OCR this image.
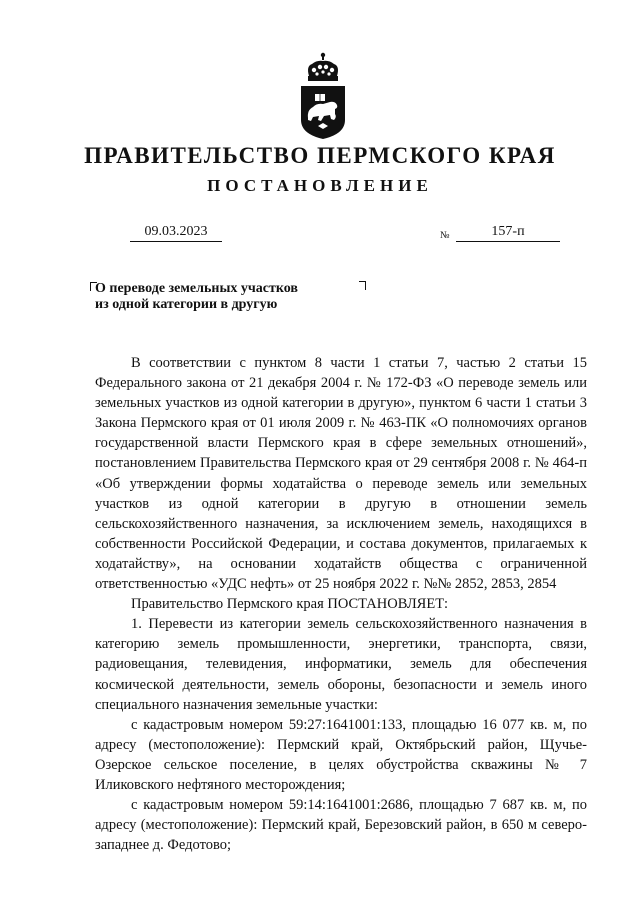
ПРАВИТЕЛЬСТВО ПЕРМСКОГО КРАЯ
ПОСТАНОВЛЕНИЕ
09.03.2023	№	157-п
О переводе земельных участков
из одной категории в другую

В соответствии с пунктом 8 части 1 статьи 7, частью 2 статьи 15 Федерального закона от 21 декабря 2004 г. № 172-ФЗ «О переводе земель или земельных участков из одной категории в другую», пунктом 6 части 1 статьи 3 Закона Пермского края от 01 июля 2009 г. № 463-ПК «О полномочиях органов государственной власти Пермского края в сфере земельных отношений», постановлением Правительства Пермского края от 29 сентября 2008 г. № 464-п «Об утверждении формы ходатайства о переводе земель или земельных участков из одной категории в другую в отношении земель сельскохозяйственного назначения, за исключением земель, находящихся в собственности Российской Федерации, и состава документов, прилагаемых к ходатайству», на основании ходатайств общества с ограниченной ответственностью «УДС нефть» от 25 ноября 2022 г. №№ 2852, 2853, 2854

Правительство Пермского края ПОСТАНОВЛЯЕТ:

1. Перевести из категории земель сельскохозяйственного назначения в категорию земель промышленности, энергетики, транспорта, связи, радиовещания, телевидения, информатики, земель для обеспечения космической деятельности, земель обороны, безопасности и земель иного специального назначения земельные участки:

с кадастровым номером 59:27:1641001:133, площадью 16 077 кв. м, по адресу (местоположение): Пермский край, Октябрьский район, Щучье-Озерское сельское поселение, в целях обустройства скважины № 7 Иликовского нефтяного месторождения;

с кадастровым номером 59:14:1641001:2686, площадью 7 687 кв. м, по адресу (местоположение): Пермский край, Березовский район, в 650 м северо-западнее д. Федотово;
